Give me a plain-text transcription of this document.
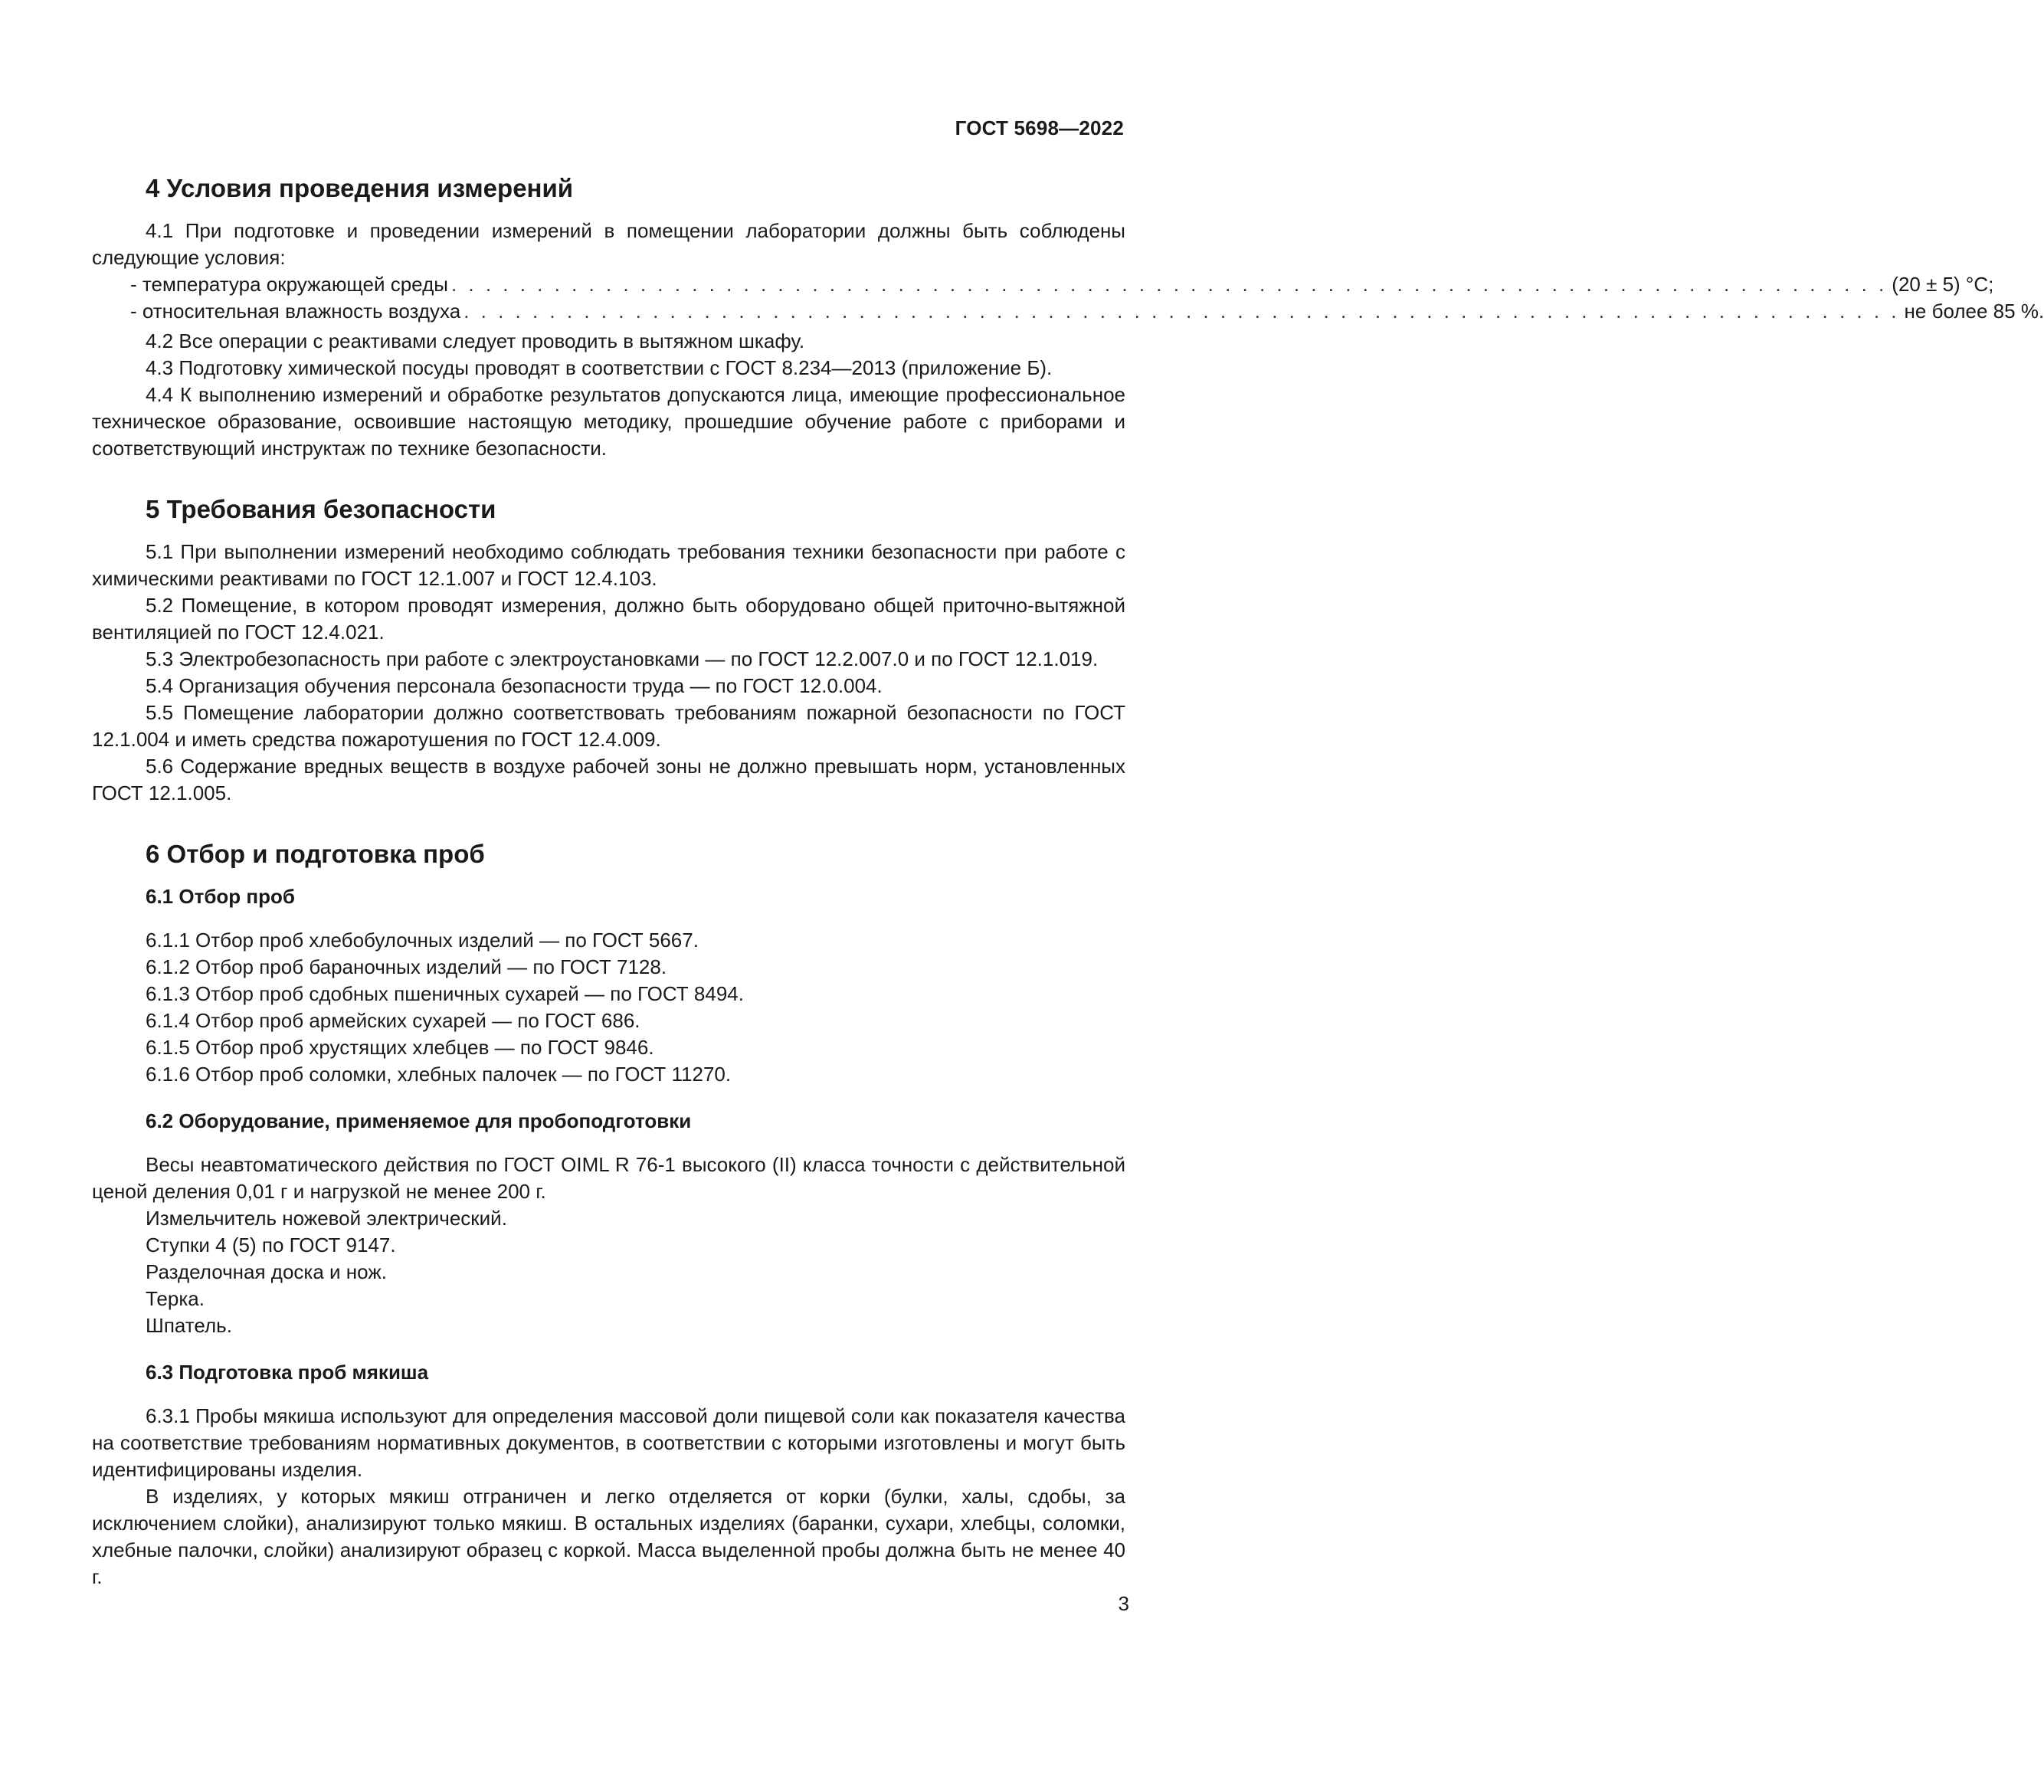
ГОСТ 5698—2022
4 Условия проведения измерений

4.1 При подготовке и проведении измерений в помещении лаборатории должны быть соблюдены следующие условия:

- температура окружающей среды . . . . . . . . . . . . . . . . . . . . . . . . . . . . . . . . . . . . . . . . . . . . . . . . . . . . . . . . . . . . . . . . . . . . . . . . . . . . . . . . . . . . (20 ± 5) °С;
- относительная влажность воздуха . . . . . . . . . . . . . . . . . . . . . . . . . . . . . . . . . . . . . . . . . . . . . . . . . . . . . . . . . . . . . . . . . . . . . . . . . . . . . . . . . . . . не более 85 %.

4.2 Все операции с реактивами следует проводить в вытяжном шкафу.

4.3 Подготовку химической посуды проводят в соответствии с ГОСТ 8.234—2013 (приложение Б).

4.4 К выполнению измерений и обработке результатов допускаются лица, имеющие профессиональное техническое образование, освоившие настоящую методику, прошедшие обучение работе с приборами и соответствующий инструктаж по технике безопасности.

5 Требования безопасности

5.1 При выполнении измерений необходимо соблюдать требования техники безопасности при работе с химическими реактивами по ГОСТ 12.1.007 и ГОСТ 12.4.103.

5.2 Помещение, в котором проводят измерения, должно быть оборудовано общей приточно-вытяжной вентиляцией по ГОСТ 12.4.021.

5.3 Электробезопасность при работе с электроустановками — по ГОСТ 12.2.007.0 и по ГОСТ 12.1.019.

5.4 Организация обучения персонала безопасности труда — по ГОСТ 12.0.004.

5.5 Помещение лаборатории должно соответствовать требованиям пожарной безопасности по ГОСТ 12.1.004 и иметь средства пожаротушения по ГОСТ 12.4.009.

5.6 Содержание вредных веществ в воздухе рабочей зоны не должно превышать норм, установленных ГОСТ 12.1.005.

6 Отбор и подготовка проб
6.1 Отбор проб
6.1.1 Отбор проб хлебобулочных изделий — по ГОСТ 5667.
6.1.2 Отбор проб бараночных изделий — по ГОСТ 7128.
6.1.3 Отбор проб сдобных пшеничных сухарей — по ГОСТ 8494.
6.1.4 Отбор проб армейских сухарей — по ГОСТ 686.
6.1.5 Отбор проб хрустящих хлебцев — по ГОСТ 9846.
6.1.6 Отбор проб соломки, хлебных палочек — по ГОСТ 11270.
6.2 Оборудование, применяемое для пробоподготовки

Весы неавтоматического действия по ГОСТ OIML R 76-1 высокого (II) класса точности с действительной ценой деления 0,01 г и нагрузкой не менее 200 г.

Измельчитель ножевой электрический.
Ступки 4 (5) по ГОСТ 9147.
Разделочная доска и нож.
Терка.
Шпатель.
6.3 Подготовка проб мякиша

6.3.1 Пробы мякиша используют для определения массовой доли пищевой соли как показателя качества на соответствие требованиям нормативных документов, в соответствии с которыми изготовлены и могут быть идентифицированы изделия.

В изделиях, у которых мякиш отграничен и легко отделяется от корки (булки, халы, сдобы, за исключением слойки), анализируют только мякиш. В остальных изделиях (баранки, сухари, хлебцы, соломки, хлебные палочки, слойки) анализируют образец с коркой. Масса выделенной пробы должна быть не менее 40 г.

3
